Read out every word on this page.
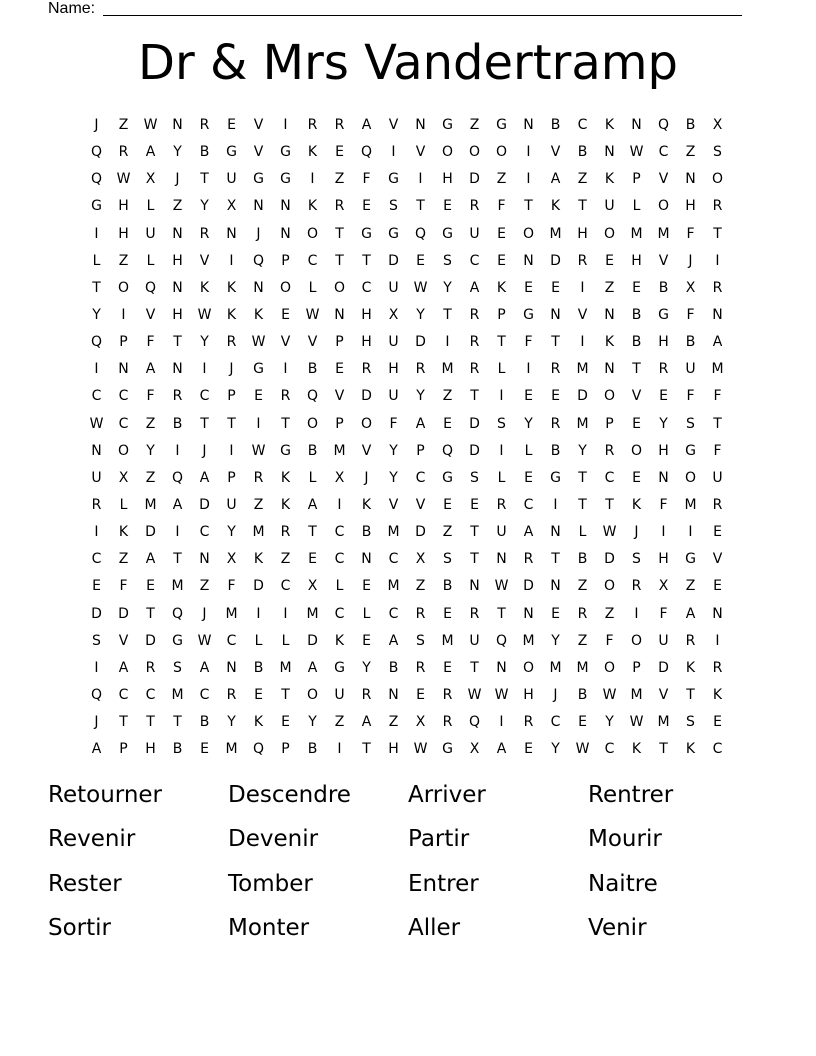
Name:
Dr & Mrs Vandertramp
J	Z	W	N	R	E	V	I	R	R	A	V	N	G	Z	G	N	B	C	K	N	Q	B	X
Q	R	A	Y	B	G	V	G	K	E	Q	I	V	O	O	O	I	V	B	N	W	C	Z	S
Q	W	X	J	T	U	G	G	I	Z	F	G	I	H	D	Z	I	A	Z	K	P	V	N	O
G	H	L	Z	Y	X	N	N	K	R	E	S	T	E	R	F	T	K	T	U	L	O	H	R
I	H	U	N	R	N	J	N	O	T	G	G	Q	G	U	E	O	M	H	O	M	M	F	T
L	Z	L	H	V	I	Q	P	C	T	T	D	E	S	C	E	N	D	R	E	H	V	J	I
T	O	Q	N	K	K	N	O	L	O	C	U	W	Y	A	K	E	E	I	Z	E	B	X	R
Y	I	V	H	W	K	K	E	W	N	H	X	Y	T	R	P	G	N	V	N	B	G	F	N
Q	P	F	T	Y	R	W	V	V	P	H	U	D	I	R	T	F	T	I	K	B	H	B	A
I	N	A	N	I	J	G	I	B	E	R	H	R	M	R	L	I	R	M	N	T	R	U	M
C	C	F	R	C	P	E	R	Q	V	D	U	Y	Z	T	I	E	E	D	O	V	E	F	F
W	C	Z	B	T	T	I	T	O	P	O	F	A	E	D	S	Y	R	M	P	E	Y	S	T
N	O	Y	I	J	I	W	G	B	M	V	Y	P	Q	D	I	L	B	Y	R	O	H	G	F
U	X	Z	Q	A	P	R	K	L	X	J	Y	C	G	S	L	E	G	T	C	E	N	O	U
R	L	M	A	D	U	Z	K	A	I	K	V	V	E	E	R	C	I	T	T	K	F	M	R
I	K	D	I	C	Y	M	R	T	C	B	M	D	Z	T	U	A	N	L	W	J	I	I	E
C	Z	A	T	N	X	K	Z	E	C	N	C	X	S	T	N	R	T	B	D	S	H	G	V
E	F	E	M	Z	F	D	C	X	L	E	M	Z	B	N	W	D	N	Z	O	R	X	Z	E
D	D	T	Q	J	M	I	I	M	C	L	C	R	E	R	T	N	E	R	Z	I	F	A	N
S	V	D	G	W	C	L	L	D	K	E	A	S	M	U	Q	M	Y	Z	F	O	U	R	I
I	A	R	S	A	N	B	M	A	G	Y	B	R	E	T	N	O	M	M	O	P	D	K	R
Q	C	C	M	C	R	E	T	O	U	R	N	E	R	W W	H	J	B	W	M	V	T	K
J	T	T	T	B	Y	K	E	Y	Z	A	Z	X	R	Q	I	R	C	E	Y	W	M	S	E
A	P	H	B	E	M	Q	P	B	I	T	H	W	G	X	A	E	Y	W	C	K	T	K	C
Retourner	Descendre	Arriver	Rentrer
Revenir	Devenir	Partir	Mourir
Rester	Tomber	Entrer	Naitre
Sortir	Monter	Aller	Venir
